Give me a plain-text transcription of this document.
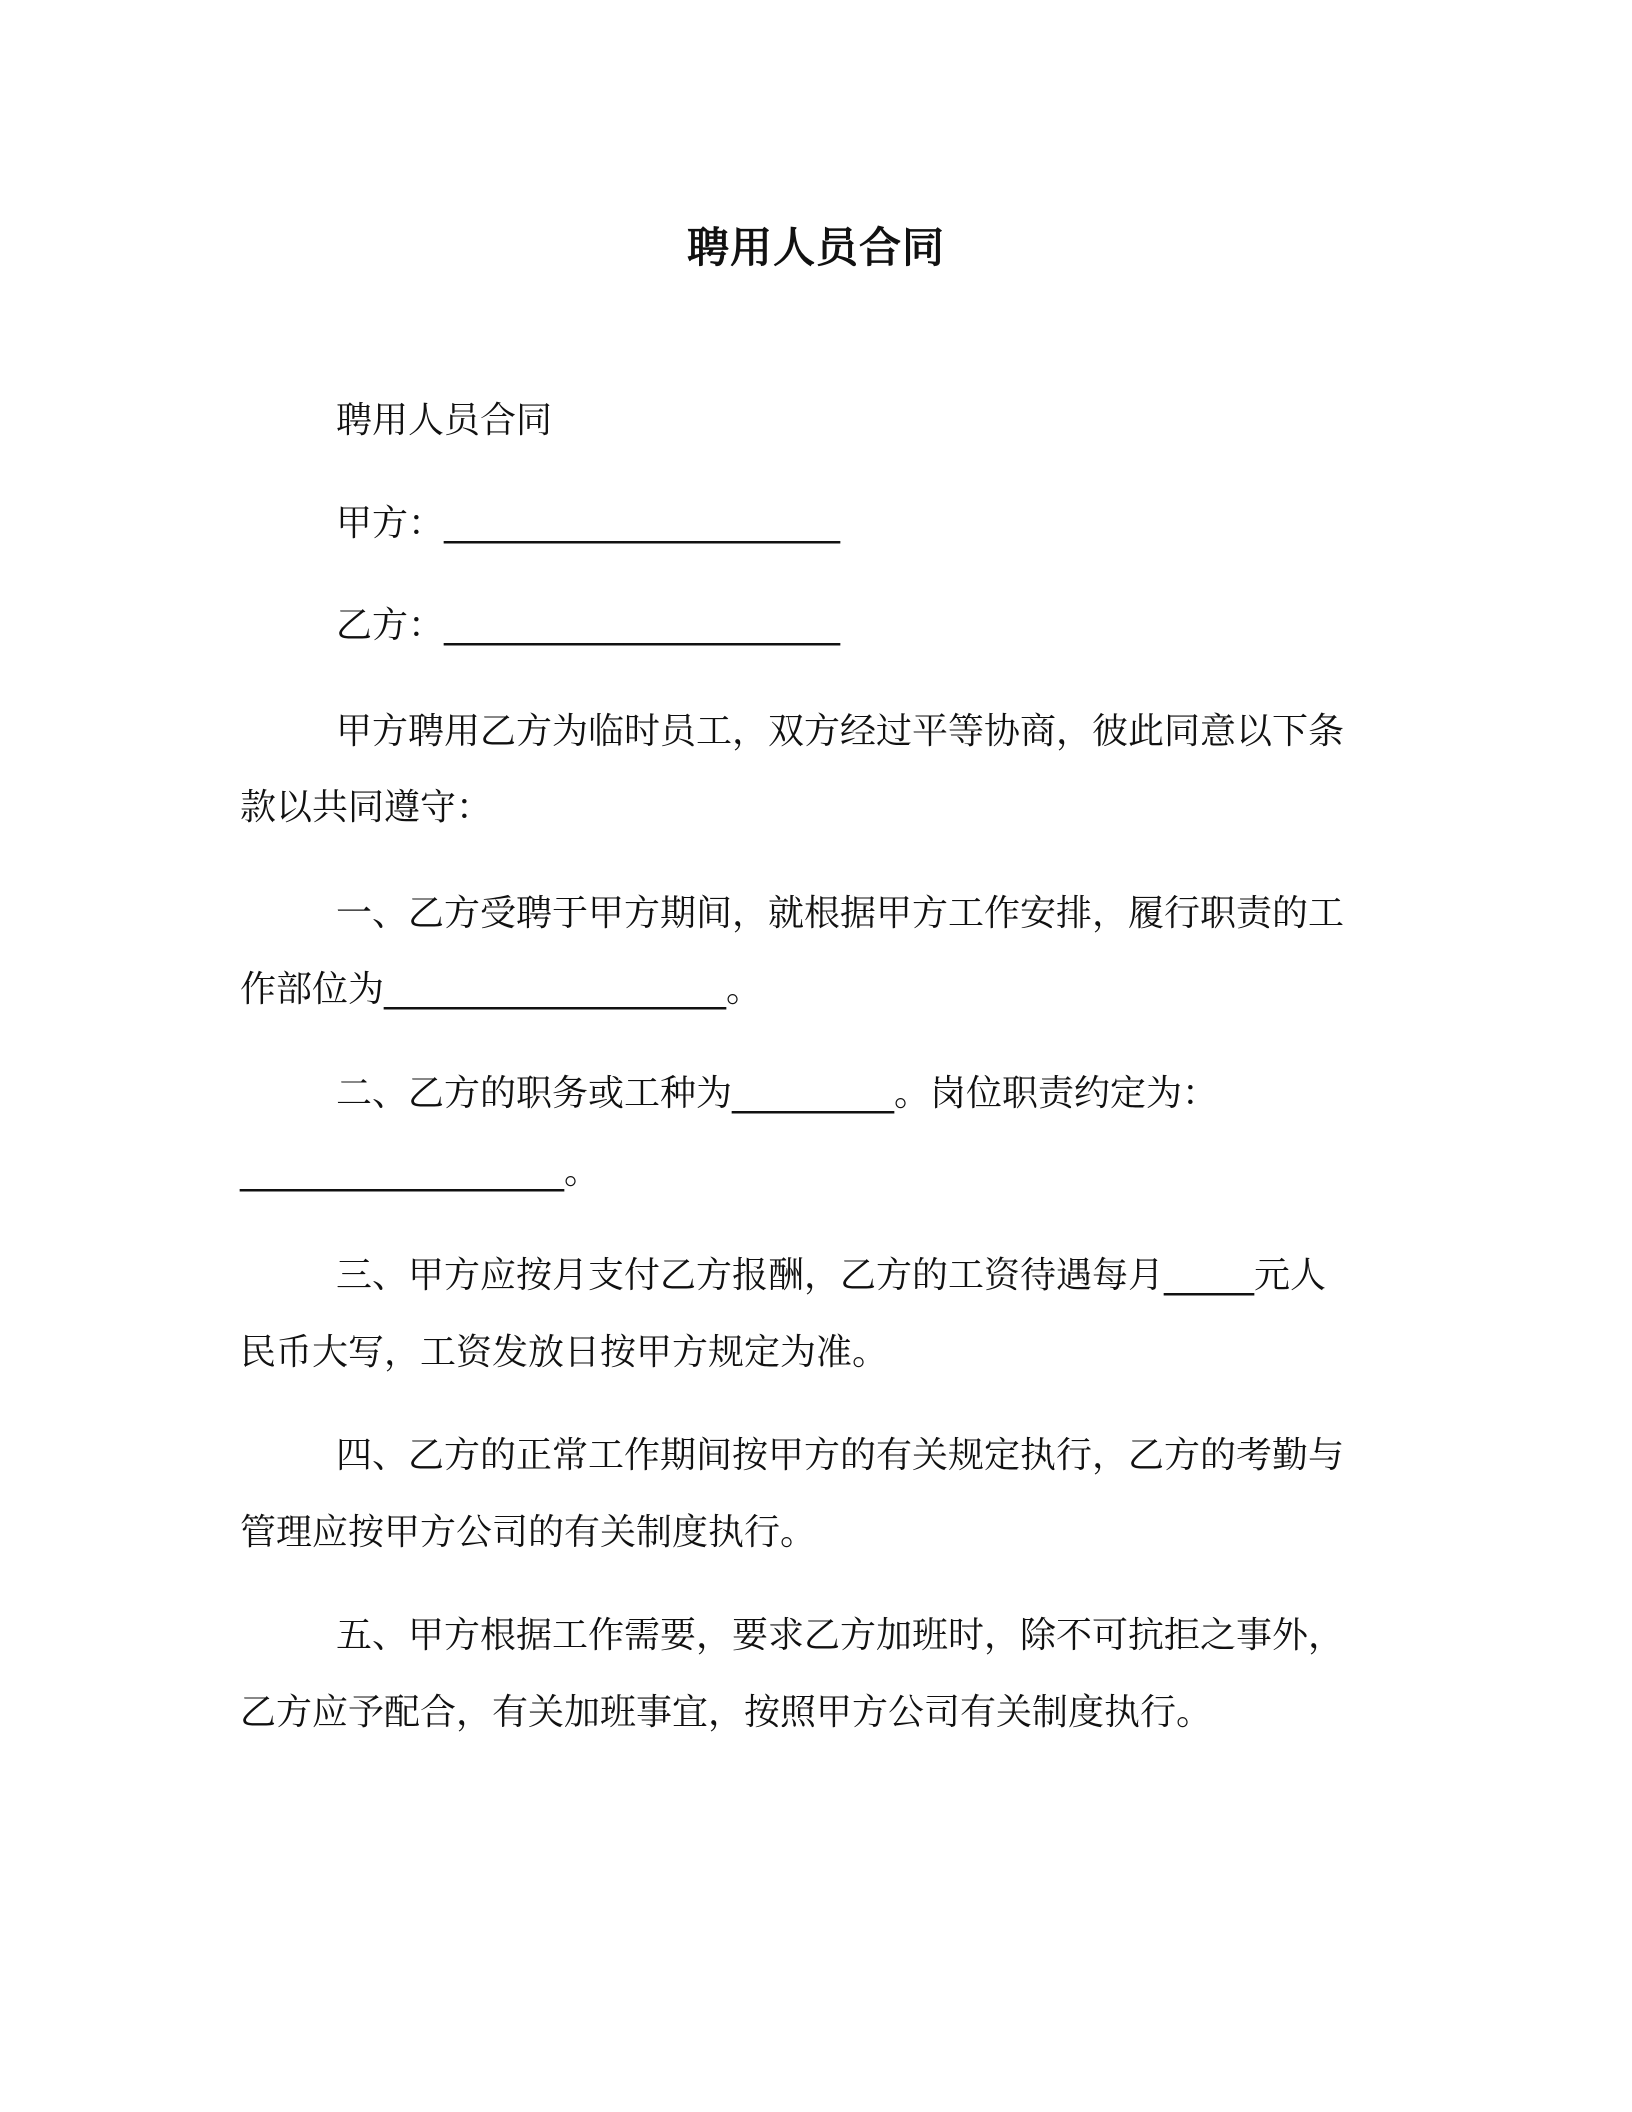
聘用人员合同
聘用人员合同
甲方：______________________
乙方：______________________
甲方聘用乙方为临时员工，双方经过平等协商，彼此同意以下条
款以共同遵守：
一、乙方受聘于甲方期间，就根据甲方工作安排，履行职责的工
作部位为___________________。
二、乙方的职务或工种为_________。岗位职责约定为：
__________________。
三、甲方应按月支付乙方报酬，乙方的工资待遇每月_____元人
民币大写，工资发放日按甲方规定为准。
四、乙方的正常工作期间按甲方的有关规定执行，乙方的考勤与
管理应按甲方公司的有关制度执行。
五、甲方根据工作需要，要求乙方加班时，除不可抗拒之事外，
乙方应予配合，有关加班事宜，按照甲方公司有关制度执行。
